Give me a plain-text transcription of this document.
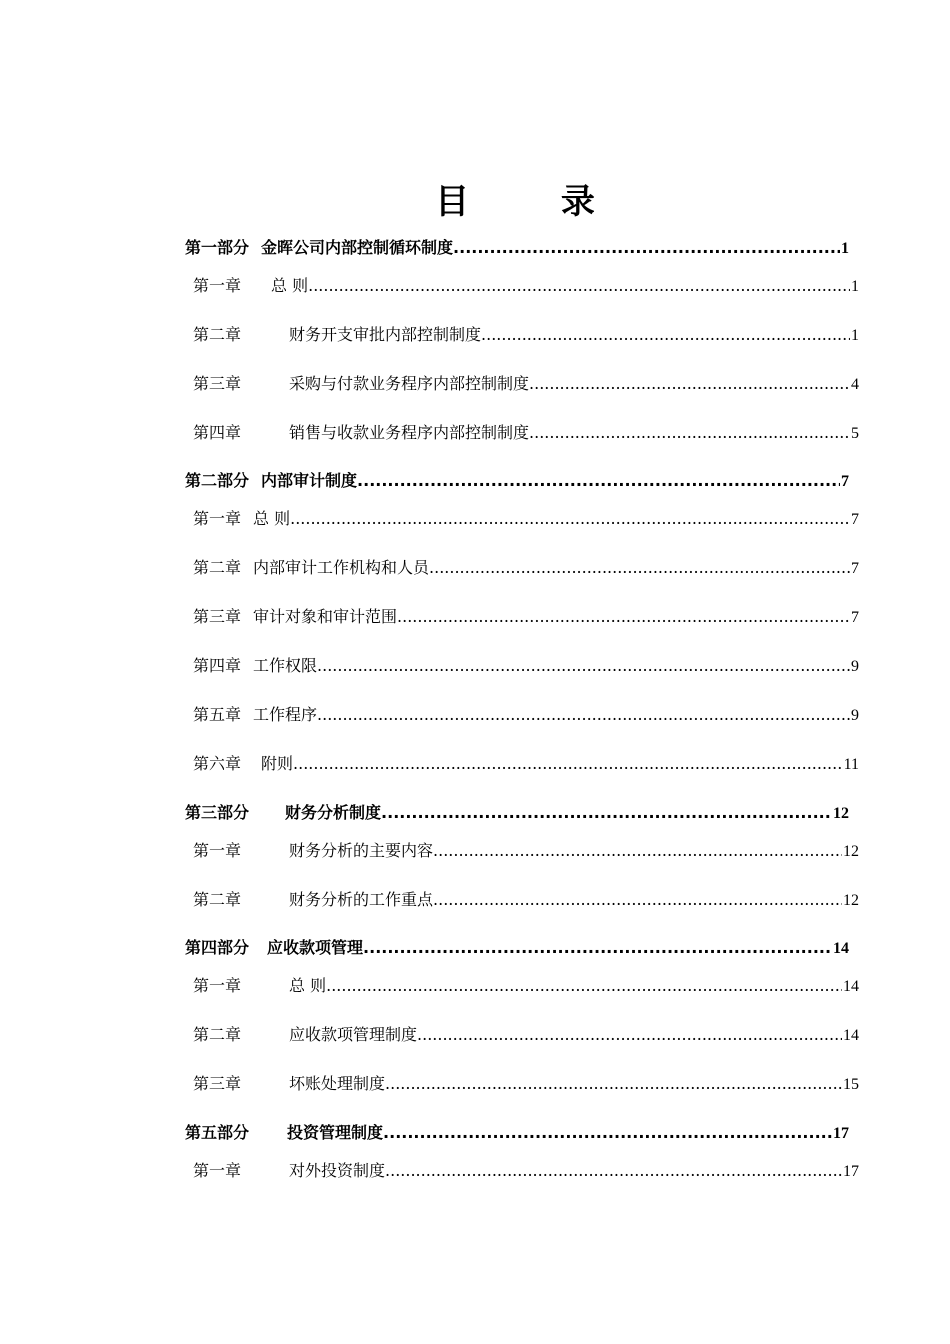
目 录
第一部分 金晖公司内部控制循环制度 .....	1
第一章 总 则 .....	1
第二章	财务开支审批内部控制制度 .....	1
第三章	采购与付款业务程序内部控制制度 .....	4
第四章	销售与收款业务程序内部控制制度 .....	5
第二部分 内部审计制度 .....	7
第一章 总 则 .....	7
第二章 内部审计工作机构和人员 .....	7
第三章 审计对象和审计范围 .....	7
第四章 工作权限 .....	9
第五章 工作程序 .....	9
第六章 附则 .....	11
第三部分 财务分析制度 .....	12
第一章	财务分析的主要内容 .....	12
第二章	财务分析的工作重点 .....	12
第四部分 应收款项管理 .....	14
第一章	总 则 .....	14
第二章	应收款项管理制度 .....	14
第三章	坏账处理制度 .....	15
第五部分 投资管理制度 .....	17
第一章	对外投资制度 .....	17
